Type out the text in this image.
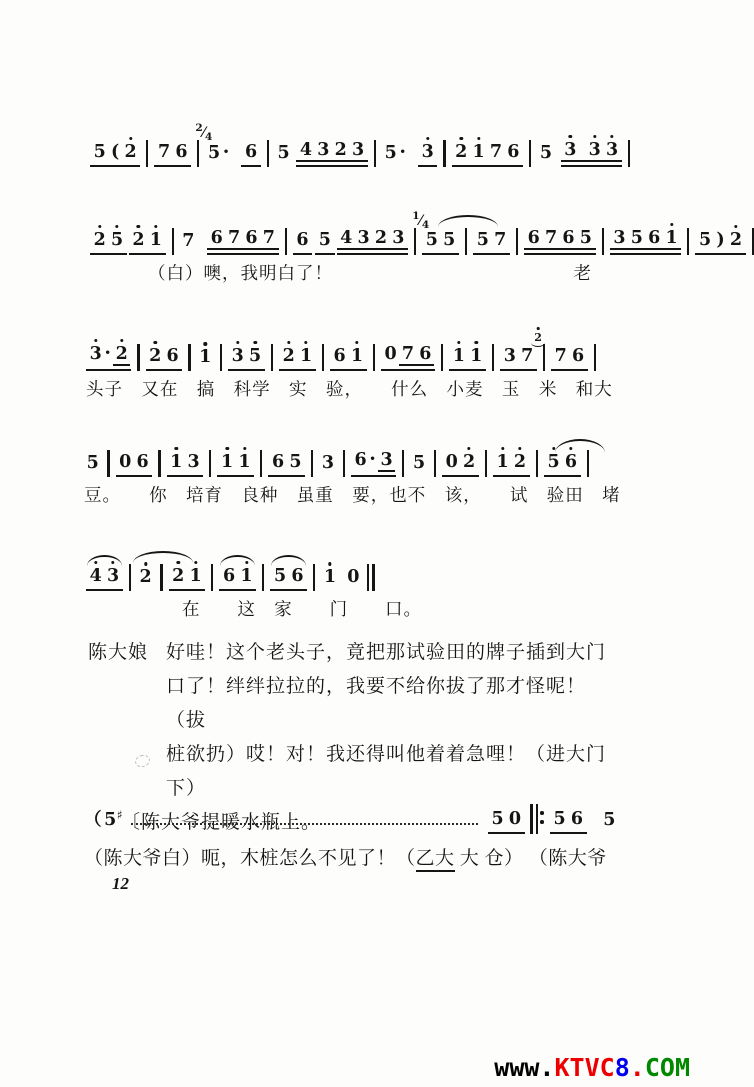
5 ( 2 7 6
$^2⁄_4$
5 · 6 5 4 3 2 3 5 · 3 2 1 7 6 5 3 3 3
2 5 2 1 7 6 7 6 7 6 5 4 3 2 3
$^1⁄_4$
5 5 5 7 6 7 6 5 3 5 6 1 5 ) 2
（白）噢，我明白了！	老
3 · 2 2 6 1 3 5 2 1 6 1 0 7 6 1 1 3 7
2
7 6
头子 又在 搞 科学 实　验，　 什么 小麦 玉　米 和大
5 0 6 1 3 1 1 6 5 3 6 · 3 5 0 2 1 2 5 6
豆。　 你 培育 良种 虽重　要，也不　该，　 试 验田 堵
4 3 2 2 1 6 1 5 6 1 0
在　 这 家　 门　 口。
陈大娘 好哇！这个老头子，竟把那试验田的牌子插到大门
口了！绊绊拉拉的，我要不给你拔了那才怪呢！（拔
桩欲扔）哎！对！我还得叫他着着急哩！（进大门下）
〔陈大爷提暖水瓶上。
（ 5 ♯	5 0 5 6 5
（陈大爷白）呃，木桩怎么不见了！（乙大 大 仓） （陈大爷
12
www.KTVC8.COM
